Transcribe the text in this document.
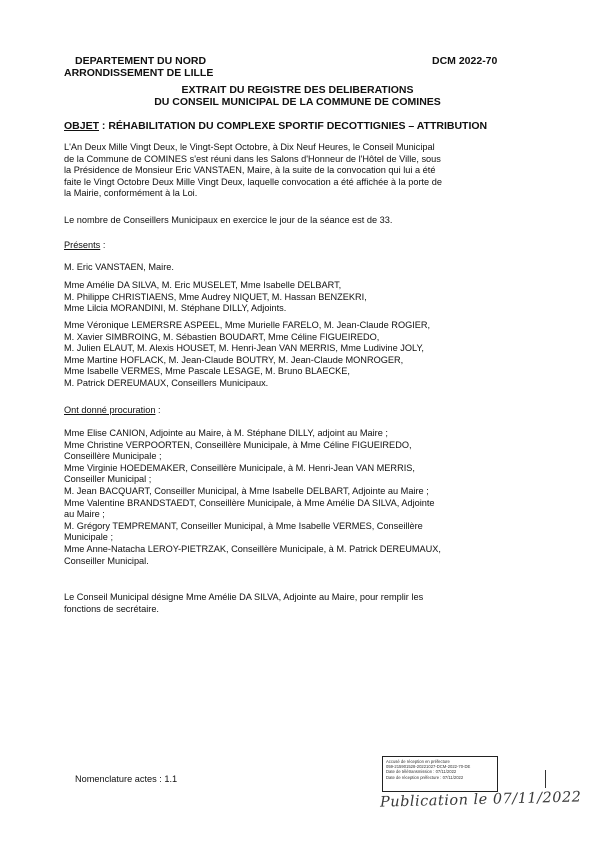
DEPARTEMENT DU NORD
ARRONDISSEMENT DE LILLE
DCM 2022-70
EXTRAIT DU REGISTRE DES DELIBERATIONS
DU CONSEIL MUNICIPAL DE LA COMMUNE DE COMINES
OBJET : RÉHABILITATION DU COMPLEXE SPORTIF DECOTTIGNIES – ATTRIBUTION
L'An Deux Mille Vingt Deux, le Vingt-Sept Octobre, à Dix Neuf Heures, le Conseil Municipal
de la Commune de COMINES s'est réuni dans les Salons d'Honneur de l'Hôtel de Ville, sous
la Présidence de Monsieur Eric VANSTAEN, Maire, à la suite de la convocation qui lui a été
faite le Vingt Octobre Deux Mille Vingt Deux, laquelle convocation a été affichée à la porte de
la Mairie, conformément à la Loi.
Le nombre de Conseillers Municipaux en exercice le jour de la séance est de 33.
Présents :
M. Eric VANSTAEN, Maire.
Mme Amélie DA SILVA, M. Eric MUSELET, Mme Isabelle DELBART,
M. Philippe CHRISTIAENS, Mme Audrey NIQUET, M. Hassan BENZEKRI,
Mme Lilcia MORANDINI, M. Stéphane DILLY, Adjoints.
Mme Véronique LEMERSRE ASPEEL, Mme Murielle FARELO, M. Jean-Claude ROGIER,
M. Xavier SIMBROING, M. Sébastien BOUDART, Mme Céline FIGUEIREDO,
M. Julien ELAUT, M. Alexis HOUSET, M. Henri-Jean VAN MERRIS, Mme Ludivine JOLY,
Mme Martine HOFLACK, M. Jean-Claude BOUTRY, M. Jean-Claude MONROGER,
Mme Isabelle VERMES, Mme Pascale LESAGE, M. Bruno BLAECKE,
M. Patrick DEREUMAUX, Conseillers Municipaux.
Ont donné procuration :
Mme Elise CANION, Adjointe au Maire, à M. Stéphane DILLY, adjoint au Maire ;
Mme Christine VERPOORTEN, Conseillère Municipale, à Mme Céline FIGUEIREDO,
Conseillère Municipale ;
Mme Virginie HOEDEMAKER, Conseillère Municipale, à M. Henri-Jean VAN MERRIS,
Conseiller Municipal ;
M. Jean BACQUART, Conseiller Municipal, à Mme Isabelle DELBART, Adjointe au Maire ;
Mme Valentine BRANDSTAEDT, Conseillère Municipale, à Mme Amélie DA SILVA, Adjointe
au Maire ;
M. Grégory TEMPREMANT, Conseiller Municipal, à Mme Isabelle VERMES, Conseillère
Municipale ;
Mme Anne-Natacha LEROY-PIETRZAK, Conseillère Municipale, à M. Patrick DEREUMAUX,
Conseiller Municipal.
Le Conseil Municipal désigne Mme Amélie DA SILVA, Adjointe au Maire, pour remplir les
fonctions de secrétaire.
Nomenclature actes : 1.1
Accusé de réception en préfecture
059-215901528-20221027-DCM-2022-70-DE
Date de télétransmission : 07/11/2022
Date de réception préfecture : 07/11/2022
Publication le 07/11/2022
